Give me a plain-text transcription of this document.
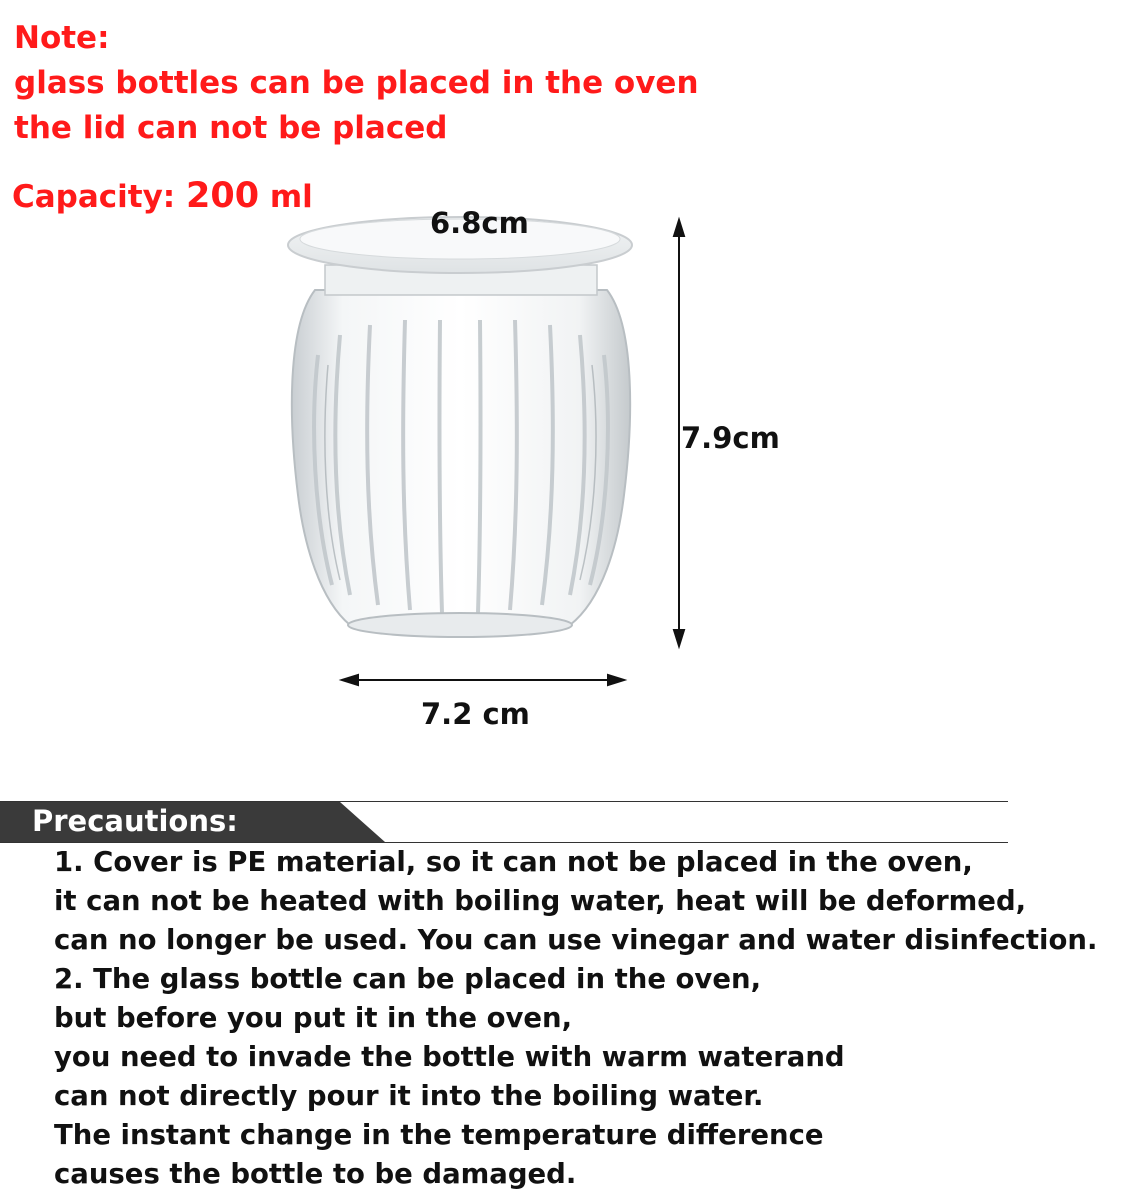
Note:
glass bottles can be placed in the oven
the lid can not be placed
Capacity: 200 ml
6.8cm
7.9cm
7.2 cm
Precautions:
1. Cover is PE material, so it can not be placed in the oven,
it can not be heated with boiling water, heat will be deformed,
can no longer be used. You can use vinegar and water disinfection.
2. The glass bottle can be placed in the oven,
but before you put it in the oven,
you need to invade the bottle with warm waterand
can not directly pour it into the boiling water.
The instant change in the temperature difference
causes the bottle to be damaged.
